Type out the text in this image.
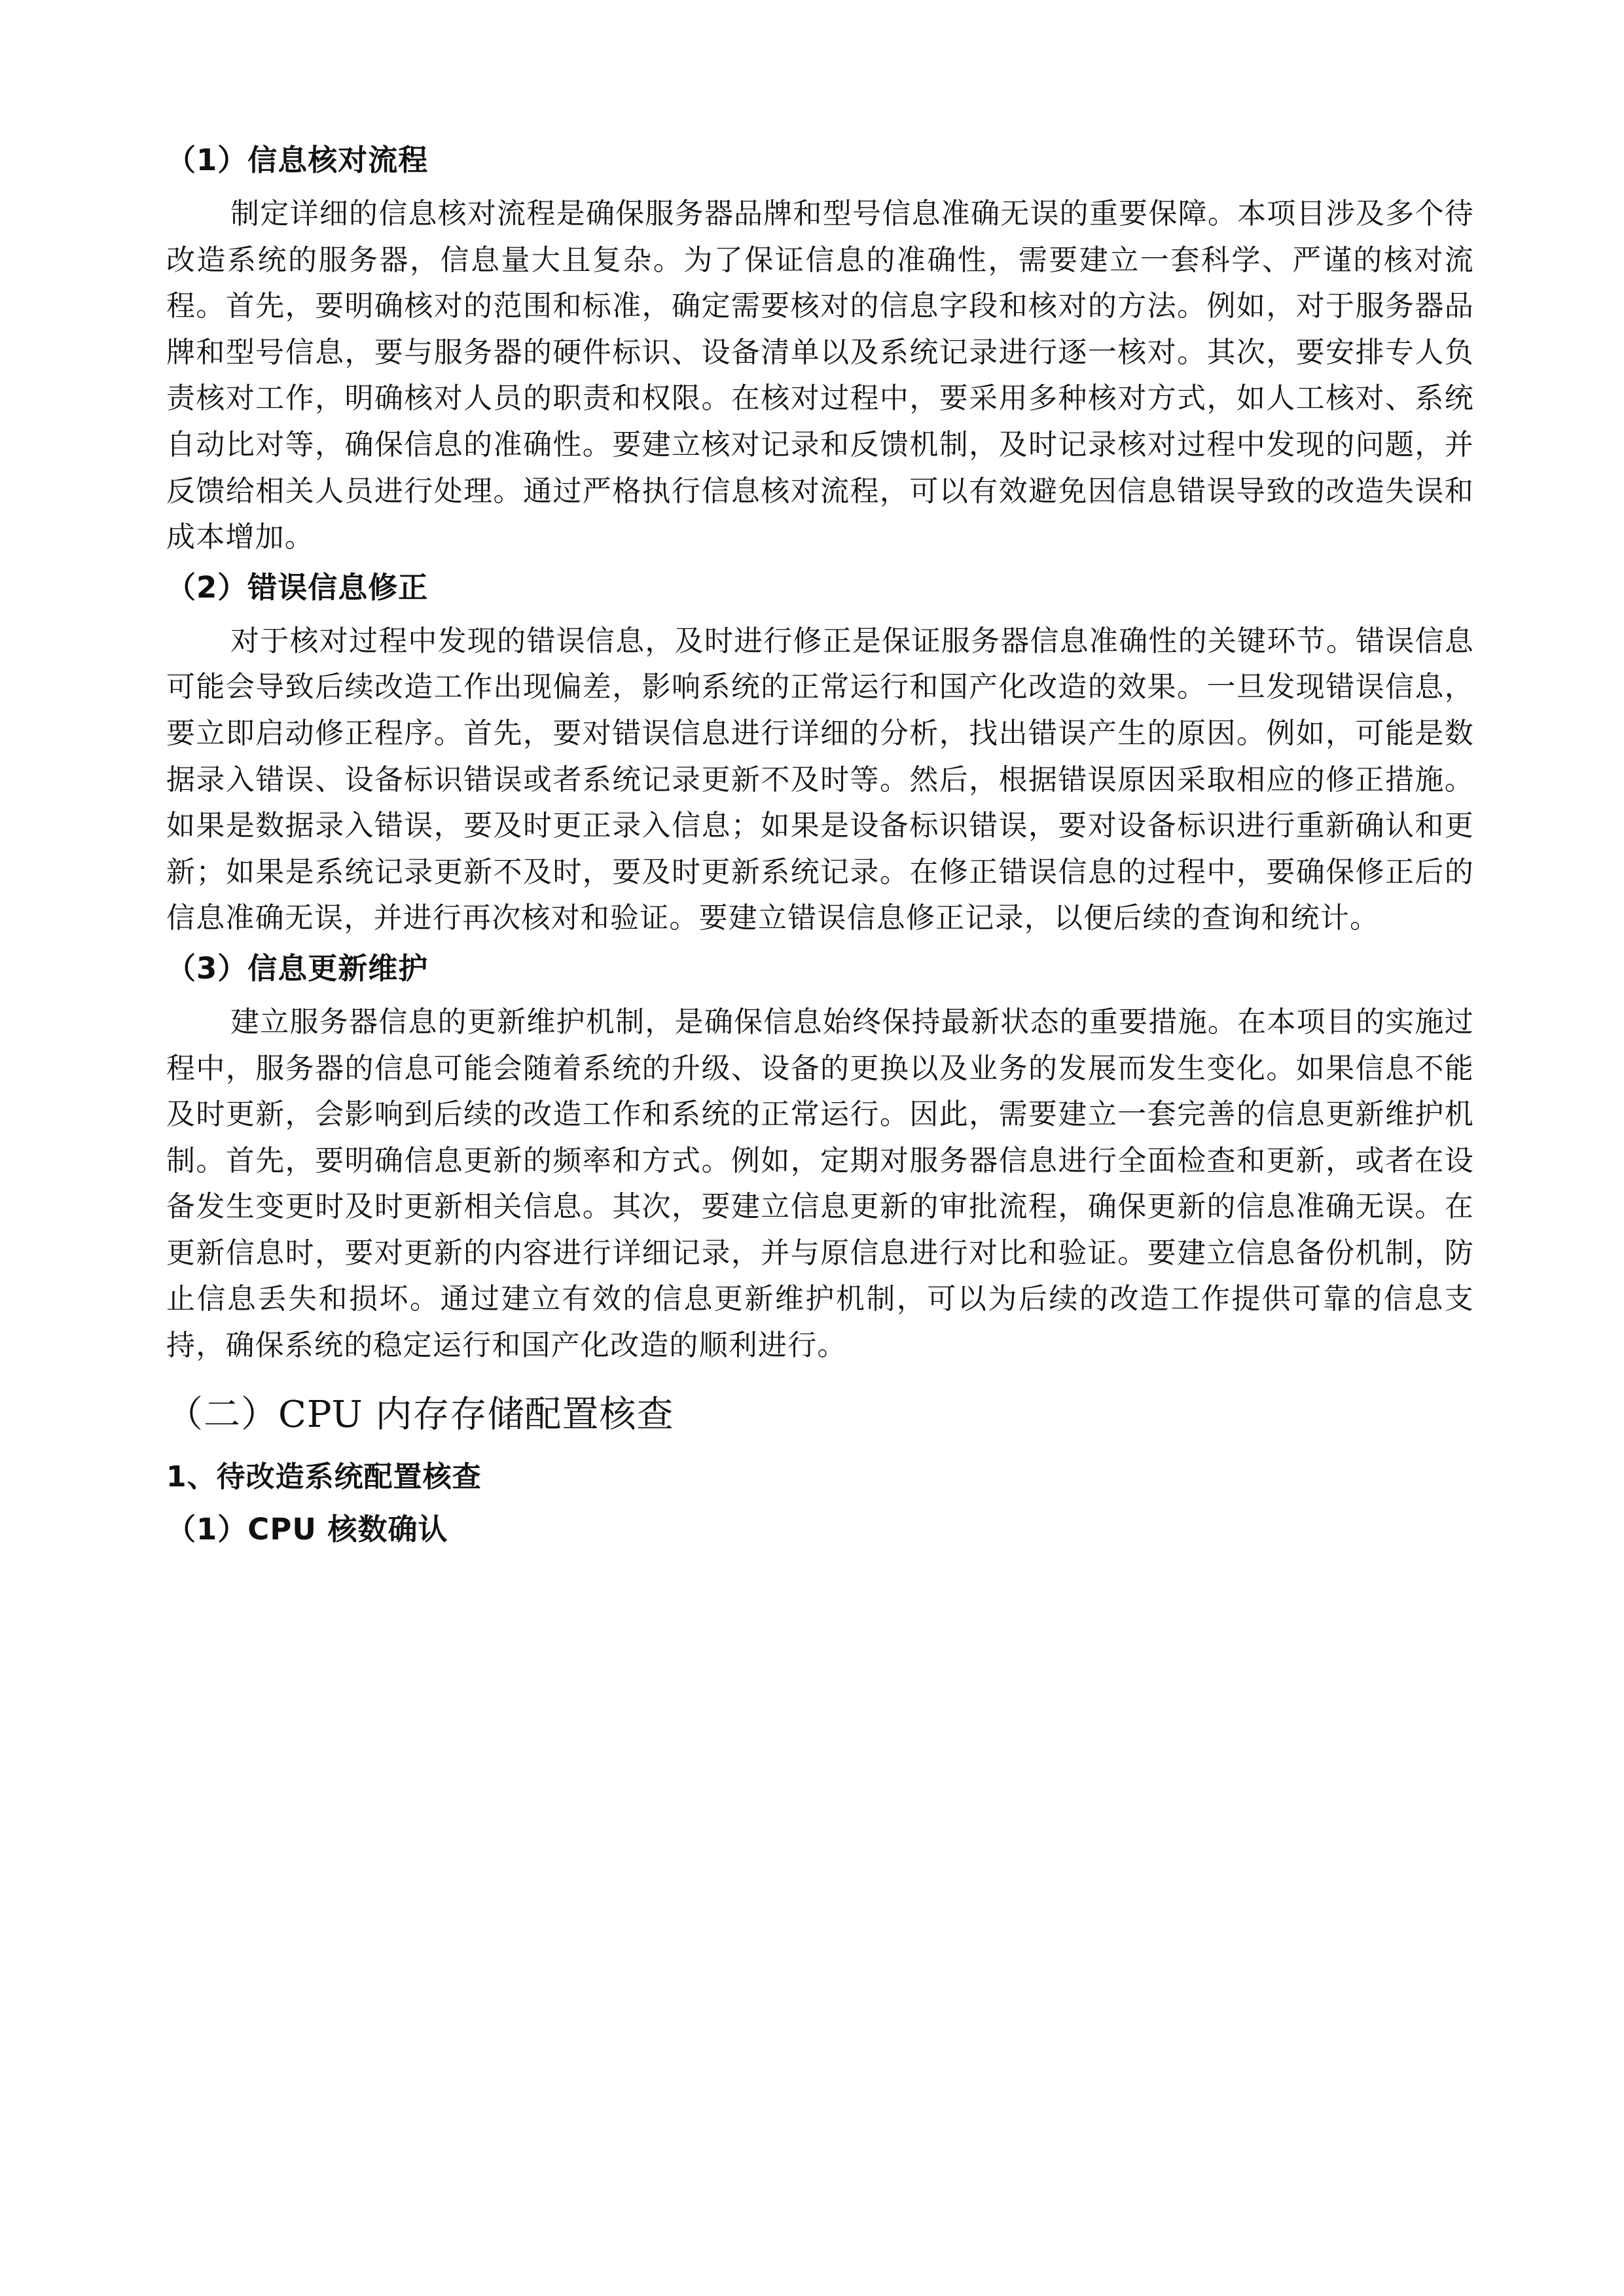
（1）信息核对流程

制定详细的信息核对流程是确保服务器品牌和型号信息准确无误的重要保障。本项目涉及多个待改造系统的服务器，信息量大且复杂。为了保证信息的准确性，需要建立一套科学、严谨的核对流程。首先，要明确核对的范围和标准，确定需要核对的信息字段和核对的方法。例如，对于服务器品牌和型号信息，要与服务器的硬件标识、设备清单以及系统记录进行逐一核对。其次，要安排专人负责核对工作，明确核对人员的职责和权限。在核对过程中，要采用多种核对方式，如人工核对、系统自动比对等，确保信息的准确性。要建立核对记录和反馈机制，及时记录核对过程中发现的问题，并反馈给相关人员进行处理。通过严格执行信息核对流程，可以有效避免因信息错误导致的改造失误和成本增加。

（2）错误信息修正

对于核对过程中发现的错误信息，及时进行修正是保证服务器信息准确性的关键环节。错误信息可能会导致后续改造工作出现偏差，影响系统的正常运行和国产化改造的效果。一旦发现错误信息，要立即启动修正程序。首先，要对错误信息进行详细的分析，找出错误产生的原因。例如，可能是数据录入错误、设备标识错误或者系统记录更新不及时等。然后，根据错误原因采取相应的修正措施。如果是数据录入错误，要及时更正录入信息；如果是设备标识错误，要对设备标识进行重新确认和更新；如果是系统记录更新不及时，要及时更新系统记录。在修正错误信息的过程中，要确保修正后的信息准确无误，并进行再次核对和验证。要建立错误信息修正记录，以便后续的查询和统计。

（3）信息更新维护

建立服务器信息的更新维护机制，是确保信息始终保持最新状态的重要措施。在本项目的实施过程中，服务器的信息可能会随着系统的升级、设备的更换以及业务的发展而发生变化。如果信息不能及时更新，会影响到后续的改造工作和系统的正常运行。因此，需要建立一套完善的信息更新维护机制。首先，要明确信息更新的频率和方式。例如，定期对服务器信息进行全面检查和更新，或者在设备发生变更时及时更新相关信息。其次，要建立信息更新的审批流程，确保更新的信息准确无误。在更新信息时，要对更新的内容进行详细记录，并与原信息进行对比和验证。要建立信息备份机制，防止信息丢失和损坏。通过建立有效的信息更新维护机制，可以为后续的改造工作提供可靠的信息支持，确保系统的稳定运行和国产化改造的顺利进行。

（二）CPU 内存存储配置核查
1、待改造系统配置核查
（1）CPU 核数确认
